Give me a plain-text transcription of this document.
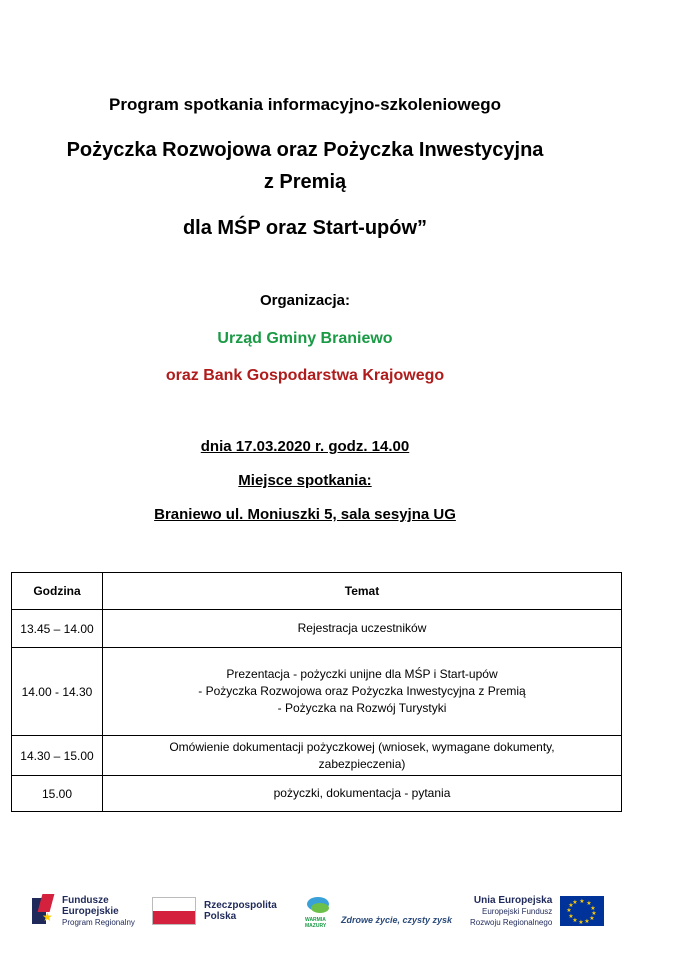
Program spotkania informacyjno-szkoleniowego
Pożyczka Rozwojowa oraz Pożyczka Inwestycyjna
z Premią
dla MŚP oraz Start-upów”
Organizacja:
Urząd Gminy Braniewo
oraz Bank Gospodarstwa Krajowego
dnia 17.03.2020 r. godz. 14.00
Miejsce spotkania:
Braniewo ul. Moniuszki 5, sala sesyjna UG
Godzina	Temat
13.45 – 14.00	Rejestracja uczestników

14.00 - 14.30	Prezentacja - pożyczki unijne dla MŚP i Start-upów
- Pożyczka Rozwojowa oraz Pożyczka Inwestycyjna z Premią
- Pożyczka na Rozwój Turystyki

14.30 – 15.00	Omówienie dokumentacji pożyczkowej (wniosek, wymagane dokumenty,
zabezpieczenia)

15.00	pożyczki, dokumentacja - pytania
★
Fundusze
Europejskie
Program Regionalny
Rzeczpospolita
Polska	WARMIA MAZURY
Zdrowe życie, czysty zysk
Unia Europejska
Europejski Fundusz
Rozwoju Regionalnego
★ ★
★
★
★
★
★
★
★
★
★
★
